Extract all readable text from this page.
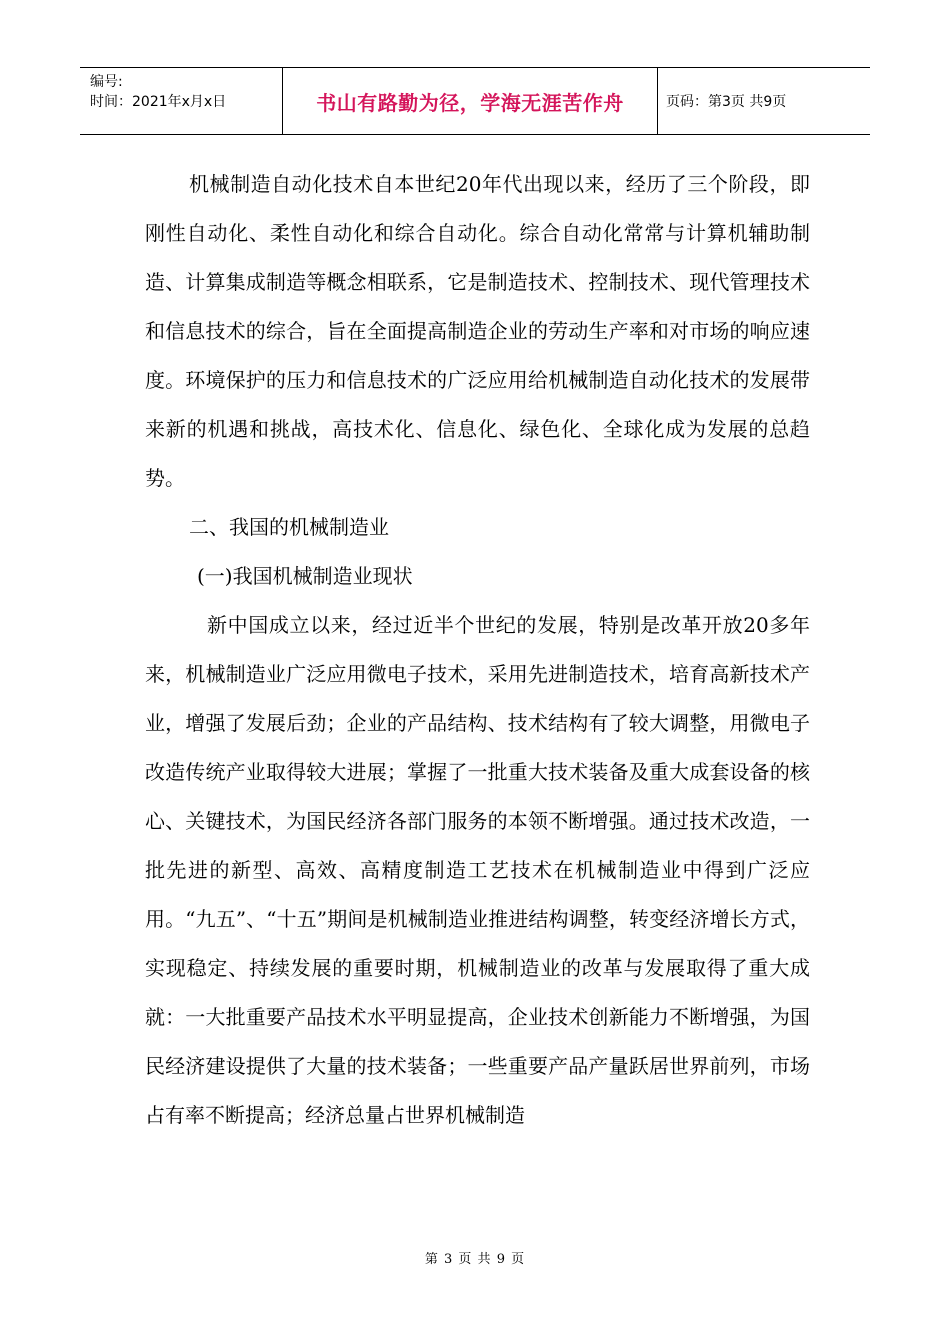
编号:
时间：2021年x月x日	书山有路勤为径，学海无涯苦作舟	页码：第3页 共9页

机械制造自动化技术自本世纪20年代出现以来，经历了三个阶段，即刚性自动化、柔性自动化和综合自动化。综合自动化常常与计算机辅助制造、计算集成制造等概念相联系，它是制造技术、控制技术、现代管理技术和信息技术的综合，旨在全面提高制造企业的劳动生产率和对市场的响应速度。环境保护的压力和信息技术的广泛应用给机械制造自动化技术的发展带来新的机遇和挑战，高技术化、信息化、绿色化、全球化成为发展的总趋势。

二、我国的机械制造业

(一)我国机械制造业现状

新中国成立以来，经过近半个世纪的发展，特别是改革开放20多年来，机械制造业广泛应用微电子技术，采用先进制造技术，培育高新技术产业，增强了发展后劲；企业的产品结构、技术结构有了较大调整，用微电子改造传统产业取得较大进展；掌握了一批重大技术装备及重大成套设备的核心、关键技术，为国民经济各部门服务的本领不断增强。通过技术改造，一批先进的新型、高效、高精度制造工艺技术在机械制造业中得到广泛应用。“九五”、“十五”期间是机械制造业推进结构调整，转变经济增长方式，实现稳定、持续发展的重要时期，机械制造业的改革与发展取得了重大成就：一大批重要产品技术水平明显提高，企业技术创新能力不断增强，为国民经济建设提供了大量的技术装备；一些重要产品产量跃居世界前列，市场占有率不断提高；经济总量占世界机械制造

第 3 页 共 9 页
